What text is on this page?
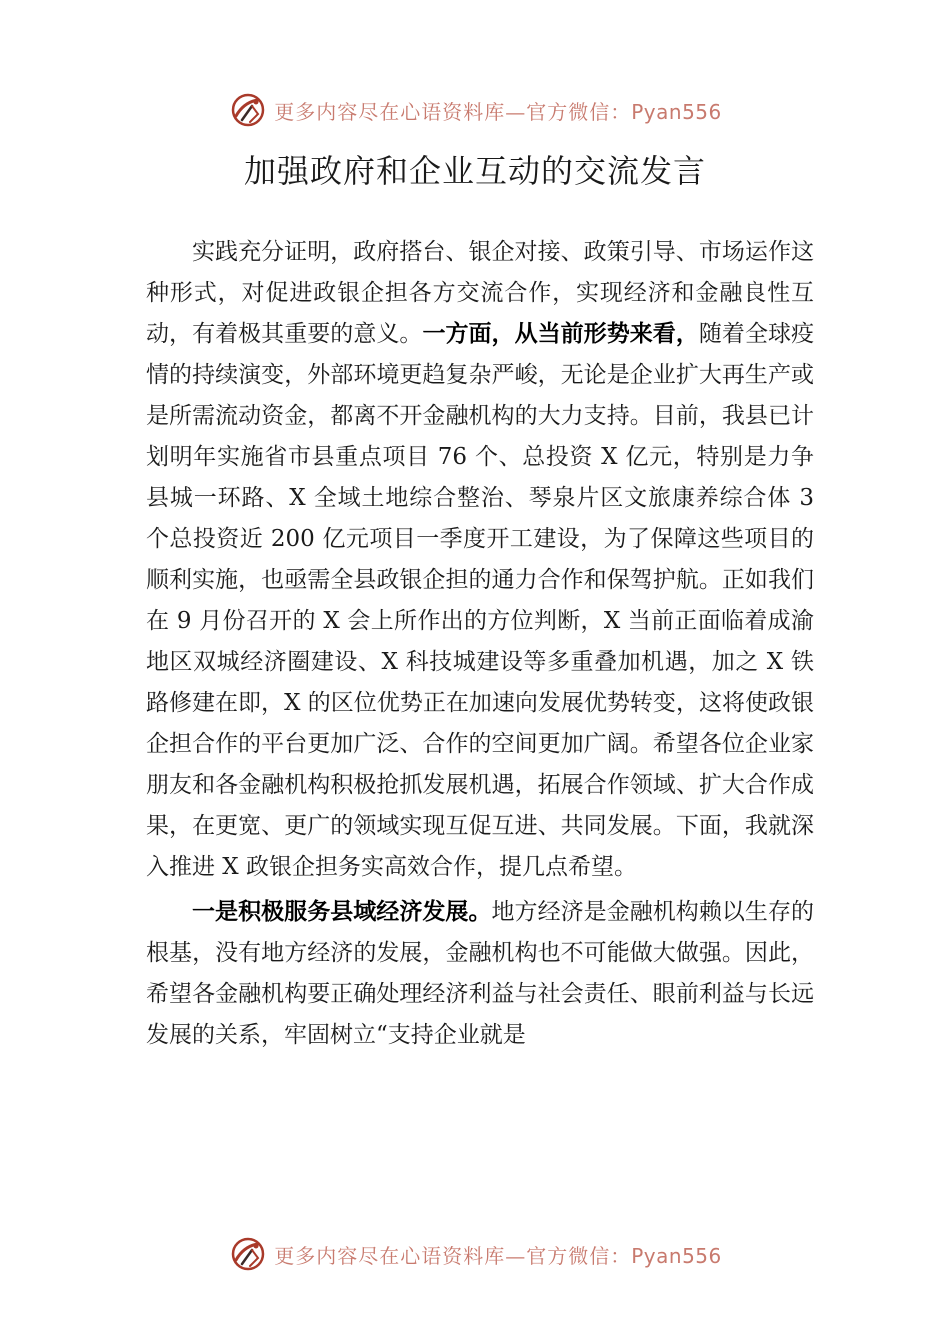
更多内容尽在心语资料库—官方微信：Pyan556
加强政府和企业互动的交流发言

实践充分证明，政府搭台、银企对接、政策引导、市场运作这种形式，对促进政银企担各方交流合作，实现经济和金融良性互动，有着极其重要的意义。一方面，从当前形势来看，随着全球疫情的持续演变，外部环境更趋复杂严峻，无论是企业扩大再生产或是所需流动资金，都离不开金融机构的大力支持。目前，我县已计划明年实施省市县重点项目 76 个、总投资 X 亿元，特别是力争县城一环路、X 全域土地综合整治、琴泉片区文旅康养综合体 3 个总投资近 200 亿元项目一季度开工建设，为了保障这些项目的顺利实施，也亟需全县政银企担的通力合作和保驾护航。正如我们在 9 月份召开的 X 会上所作出的方位判断，X 当前正面临着成渝地区双城经济圈建设、X 科技城建设等多重叠加机遇，加之 X 铁路修建在即，X 的区位优势正在加速向发展优势转变，这将使政银企担合作的平台更加广泛、合作的空间更加广阔。希望各位企业家朋友和各金融机构积极抢抓发展机遇，拓展合作领域、扩大合作成果，在更宽、更广的领域实现互促互进、共同发展。下面，我就深入推进 X 政银企担务实高效合作，提几点希望。

一是积极服务县域经济发展。地方经济是金融机构赖以生存的根基，没有地方经济的发展，金融机构也不可能做大做强。因此，希望各金融机构要正确处理经济利益与社会责任、眼前利益与长远发展的关系，牢固树立“支持企业就是

更多内容尽在心语资料库—官方微信：Pyan556
